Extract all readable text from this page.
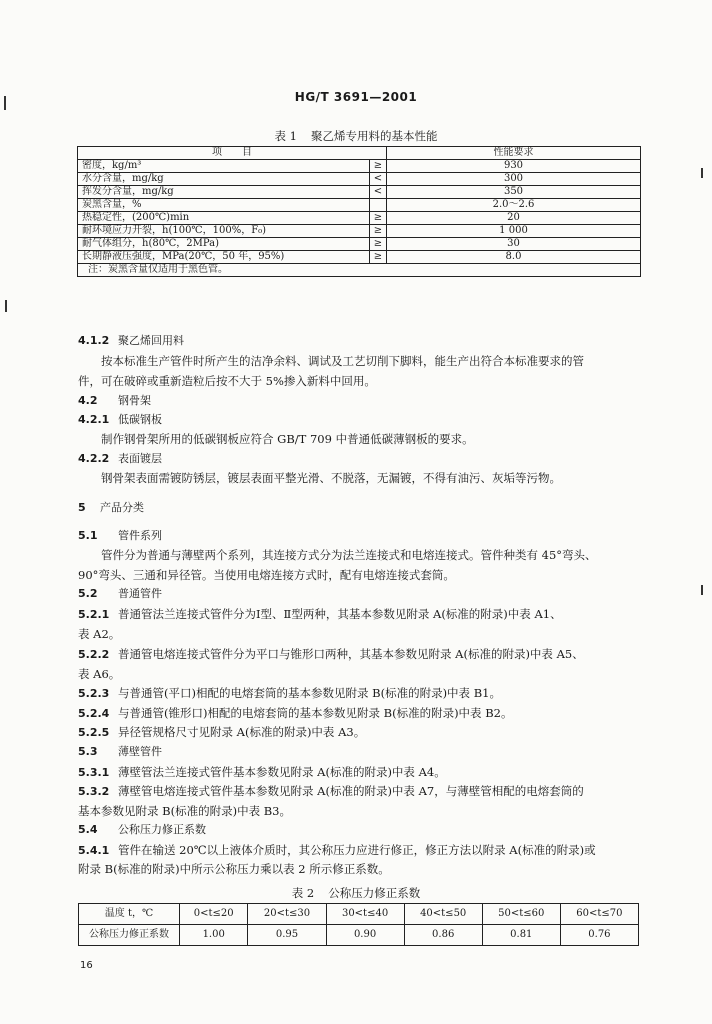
HG/T 3691—2001
表 1 聚乙烯专用料的基本性能
项　　目		性能要求
密度，kg/m³	≥	930
水分含量，mg/kg	<	300
挥发分含量，mg/kg	<	350
炭黑含量，%		2.0～2.6
热稳定性，(200℃)min	≥	20
耐环境应力开裂，h(100℃，100%，F₀)	≥	1 000
耐气体组分，h(80℃，2MPa)	≥	30
长期静液压强度，MPa(20℃，50 年，95%)	≥	8.0
注：炭黑含量仅适用于黑色管。		
4.1.2 聚乙烯回用料
按本标准生产管件时所产生的洁净余料、调试及工艺切削下脚料，能生产出符合本标准要求的管
件，可在破碎或重新造粒后按不大于 5%掺入新料中回用。
4.2 钢骨架
4.2.1 低碳钢板
制作钢骨架所用的低碳钢板应符合 GB/T 709 中普通低碳薄钢板的要求。
4.2.2 表面镀层
钢骨架表面需镀防锈层，镀层表面平整光滑、不脱落，无漏镀，不得有油污、灰垢等污物。
5 产品分类
5.1 管件系列
管件分为普通与薄壁两个系列，其连接方式分为法兰连接式和电熔连接式。管件种类有 45°弯头、
90°弯头、三通和异径管。当使用电熔连接方式时，配有电熔连接式套筒。
5.2 普通管件
5.2.1 普通管法兰连接式管件分为Ⅰ型、Ⅱ型两种，其基本参数见附录 A(标准的附录)中表 A1、
表 A2。
5.2.2 普通管电熔连接式管件分为平口与锥形口两种，其基本参数见附录 A(标准的附录)中表 A5、
表 A6。
5.2.3 与普通管(平口)相配的电熔套筒的基本参数见附录 B(标准的附录)中表 B1。
5.2.4 与普通管(锥形口)相配的电熔套筒的基本参数见附录 B(标准的附录)中表 B2。
5.2.5 异径管规格尺寸见附录 A(标准的附录)中表 A3。
5.3 薄壁管件
5.3.1 薄壁管法兰连接式管件基本参数见附录 A(标准的附录)中表 A4。
5.3.2 薄壁管电熔连接式管件基本参数见附录 A(标准的附录)中表 A7，与薄壁管相配的电熔套筒的
基本参数见附录 B(标准的附录)中表 B3。
5.4 公称压力修正系数
5.4.1 管件在输送 20℃以上液体介质时，其公称压力应进行修正，修正方法以附录 A(标准的附录)或
附录 B(标准的附录)中所示公称压力乘以表 2 所示修正系数。
表 2 公称压力修正系数
温度 t，℃	0<t≤20	20<t≤30	30<t≤40	40<t≤50	50<t≤60	60<t≤70
公称压力修正系数	1.00	0.95	0.90	0.86	0.81	0.76
16
